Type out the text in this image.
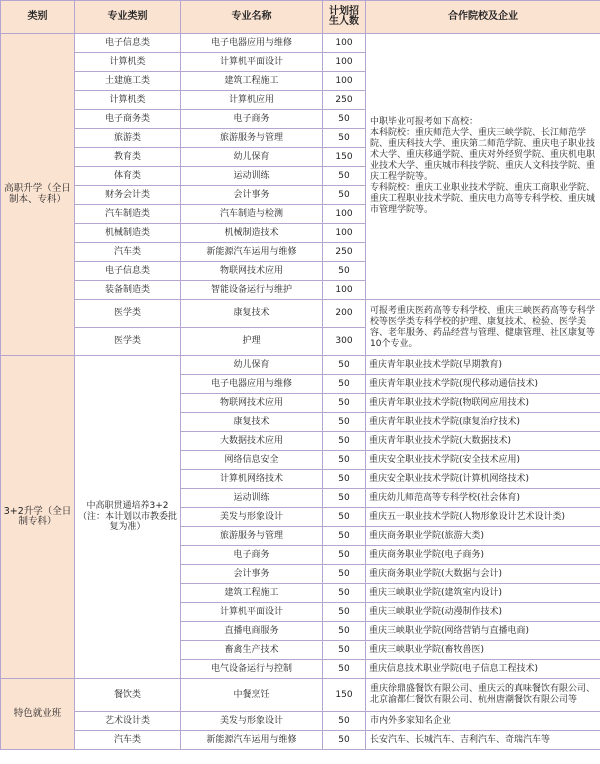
类别	专业类别	专业名称	计划招生人数	合作院校及企业
高职升学（全日制本、专科）	电子信息类	电子电器应用与维修	100	中职毕业可报考如下高校：
本科院校：重庆师范大学、重庆三峡学院、长江师范学院、重庆科技大学、重庆第二师范学院、重庆电子职业技术大学、重庆移通学院、重庆对外经贸学院、重庆机电职业技术大学、重庆城市科技学院、重庆人文科技学院、重庆工程学院等。
专科院校：重庆工业职业技术学院、重庆工商职业学院、重庆工程职业技术学院、重庆电力高等专科学校、重庆城市管理学院等。
	计算机类	计算机平面设计	100	
	土建施工类	建筑工程施工	100	
	计算机类	计算机应用	250	
	电子商务类	电子商务	50	
	旅游类	旅游服务与管理	50	
	教育类	幼儿保育	150	
	体育类	运动训练	50	
	财务会计类	会计事务	50	
	汽车制造类	汽车制造与检测	100	
	机械制造类	机械制造技术	100	
	汽车类	新能源汽车运用与维修	250	
	电子信息类	物联网技术应用	50	
	装备制造类	智能设备运行与维护	100	
	医学类	康复技术	200	可报考重庆医药高等专科学校、重庆三峡医药高等专科学校等医学类专科学校的护理、康复技术、检验、医学美容、老年服务、药品经营与管理、健康管理、社区康复等10个专业。
	医学类	护理	300	
3+2升学（全日制专科）	中高职贯通培养3+2（注：本计划以市教委批复为准）	幼儿保育	50	重庆青年职业技术学院(早期教育)
		电子电器应用与维修	50	重庆青年职业技术学院(现代移动通信技术)
		物联网技术应用	50	重庆青年职业技术学院(物联网应用技术)
		康复技术	50	重庆青年职业技术学院(康复治疗技术)
		大数据技术应用	50	重庆青年职业技术学院(大数据技术)
		网络信息安全	50	重庆安全职业技术学院(安全技术应用)
		计算机网络技术	50	重庆安全职业技术学院(计算机网络技术)
		运动训练	50	重庆幼儿师范高等专科学校(社会体育)
		美发与形象设计	50	重庆五一职业技术学院(人物形象设计艺术设计类)
		旅游服务与管理	50	重庆商务职业学院(旅游大类)
		电子商务	50	重庆商务职业学院(电子商务)
		会计事务	50	重庆商务职业学院(大数据与会计)
		建筑工程施工	50	重庆三峡职业学院(建筑室内设计)
		计算机平面设计	50	重庆三峡职业学院(动漫制作技术)
		直播电商服务	50	重庆三峡职业学院(网络营销与直播电商)
		畜禽生产技术	50	重庆三峡职业学院(畜牧兽医)
		电气设备运行与控制	50	重庆信息技术职业学院(电子信息工程技术)
特色就业班	餐饮类	中餐烹饪	150	重庆徐鼎盛餐饮有限公司、重庆云的真味餐饮有限公司、北京渝都仁餐饮有限公司、杭州唐潮餐饮有限公司等
	艺术设计类	美发与形象设计	50	市内外多家知名企业
	汽车类	新能源汽车运用与维修	50	长安汽车、长城汽车、吉利汽车、奇瑞汽车等
